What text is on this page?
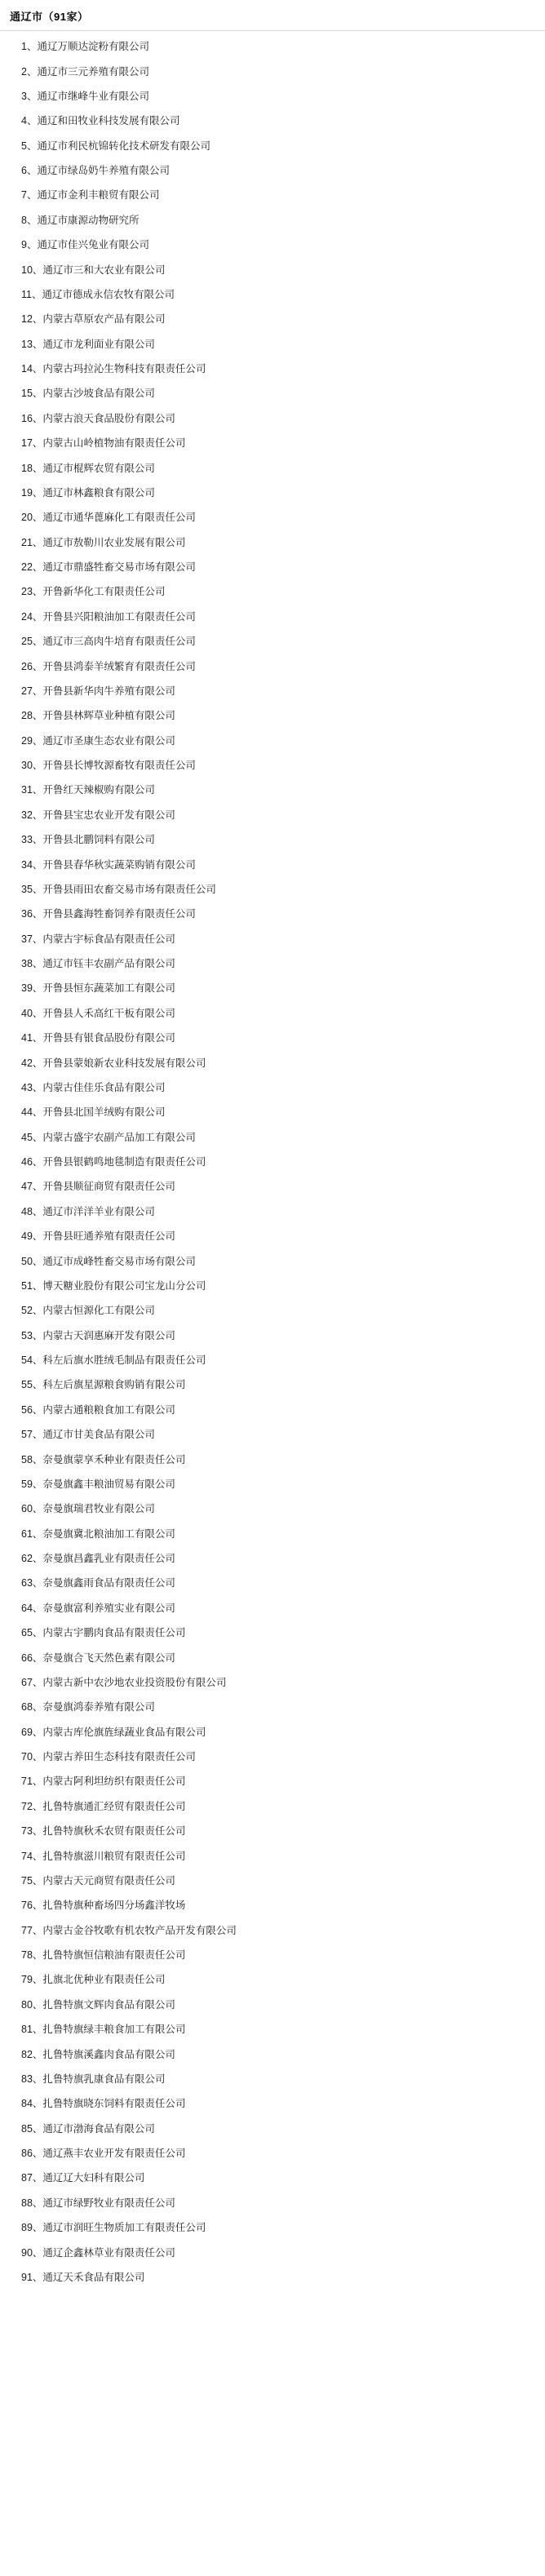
通辽市（91家）
1、通辽万顺达淀粉有限公司
2、通辽市三元养殖有限公司
3、通辽市继峰牛业有限公司
4、通辽和田牧业科技发展有限公司
5、通辽市利民杭锦转化技术研发有限公司
6、通辽市绿岛奶牛养殖有限公司
7、通辽市金利丰粮贸有限公司
8、通辽市康源动物研究所
9、通辽市佳兴兔业有限公司
10、通辽市三和大农业有限公司
11、通辽市德成永信农牧有限公司
12、内蒙古草原农产品有限公司
13、通辽市龙利面业有限公司
14、内蒙古玛拉沁生物科技有限责任公司
15、内蒙古沙坡食品有限公司
16、内蒙古浪天食品股份有限公司
17、内蒙古山岭植物油有限责任公司
18、通辽市棍辉农贸有限公司
19、通辽市林鑫粮食有限公司
20、通辽市通华蓖麻化工有限责任公司
21、通辽市敖勒川农业发展有限公司
22、通辽市鼎盛牲畜交易市场有限公司
23、开鲁新华化工有限责任公司
24、开鲁县兴阳粮油加工有限责任公司
25、通辽市三高肉牛培育有限责任公司
26、开鲁县鸿泰羊绒繁育有限责任公司
27、开鲁县新华肉牛养殖有限公司
28、开鲁县林辉草业种植有限公司
29、通辽市圣康生态农业有限公司
30、开鲁县长博牧源畜牧有限责任公司
31、开鲁红天辣椒购有限公司
32、开鲁县宝忠农业开发有限公司
33、开鲁县北鹏饲料有限公司
34、开鲁县春华秋实蔬菜购销有限公司
35、开鲁县雨田农畜交易市场有限责任公司
36、开鲁县鑫海牲畜饲养有限责任公司
37、内蒙古宇标食品有限责任公司
38、通辽市钰丰农副产品有限公司
39、开鲁县恒东蔬菜加工有限公司
40、开鲁县人禾高红干板有限公司
41、开鲁县有银食品股份有限公司
42、开鲁县蒙娘新农业科技发展有限公司
43、内蒙古佳佳乐食品有限公司
44、开鲁县北国羊绒购有限公司
45、内蒙古盛宇农副产品加工有限公司
46、开鲁县银鹤鸣地毯制造有限责任公司
47、开鲁县顺征商贸有限责任公司
48、通辽市洋洋羊业有限公司
49、开鲁县旺通养殖有限责任公司
50、通辽市成峰牲畜交易市场有限公司
51、博天糖业股份有限公司宝龙山分公司
52、内蒙古恒源化工有限公司
53、内蒙古天润惠麻开发有限公司
54、科左后旗水胜绒毛制品有限责任公司
55、科左后旗星源粮食购销有限公司
56、内蒙古通粮粮食加工有限公司
57、通辽市甘美食品有限公司
58、奈曼旗蒙享禾种业有限责任公司
59、奈曼旗鑫丰粮油贸易有限公司
60、奈曼旗瑞君牧业有限公司
61、奈曼旗冀北粮油加工有限公司
62、奈曼旗昌鑫乳业有限责任公司
63、奈曼旗鑫雨食品有限责任公司
64、奈曼旗富利养殖实业有限公司
65、内蒙古宇鹏肉食品有限责任公司
66、奈曼旗合飞天然色素有限公司
67、内蒙古新中农沙地农业投资股份有限公司
68、奈曼旗鸿泰养殖有限公司
69、内蒙古库伦旗旌绿蔬业食品有限公司
70、内蒙古养田生态科技有限责任公司
71、内蒙古阿利坦纺织有限责任公司
72、扎鲁特旗通汇经贸有限责任公司
73、扎鲁特旗秋禾农贸有限责任公司
74、扎鲁特旗滋川粮贸有限责任公司
75、内蒙古天元商贸有限责任公司
76、扎鲁特旗种畜场四分场鑫洋牧场
77、内蒙古金谷牧歌有机农牧产品开发有限公司
78、扎鲁特旗恒信粮油有限责任公司
79、扎旗北优种业有限责任公司
80、扎鲁特旗文辉肉食品有限公司
81、扎鲁特旗绿丰粮食加工有限公司
82、扎鲁特旗溪鑫肉食品有限公司
83、扎鲁特旗乳康食品有限公司
84、扎鲁特旗晓东饲料有限责任公司
85、通辽市渤海食品有限公司
86、通辽燕丰农业开发有限责任公司
87、通辽辽大妇科有限公司
88、通辽市绿野牧业有限责任公司
89、通辽市润旺生物质加工有限责任公司
90、通辽企鑫林草业有限责任公司
91、通辽天禾食品有限公司
